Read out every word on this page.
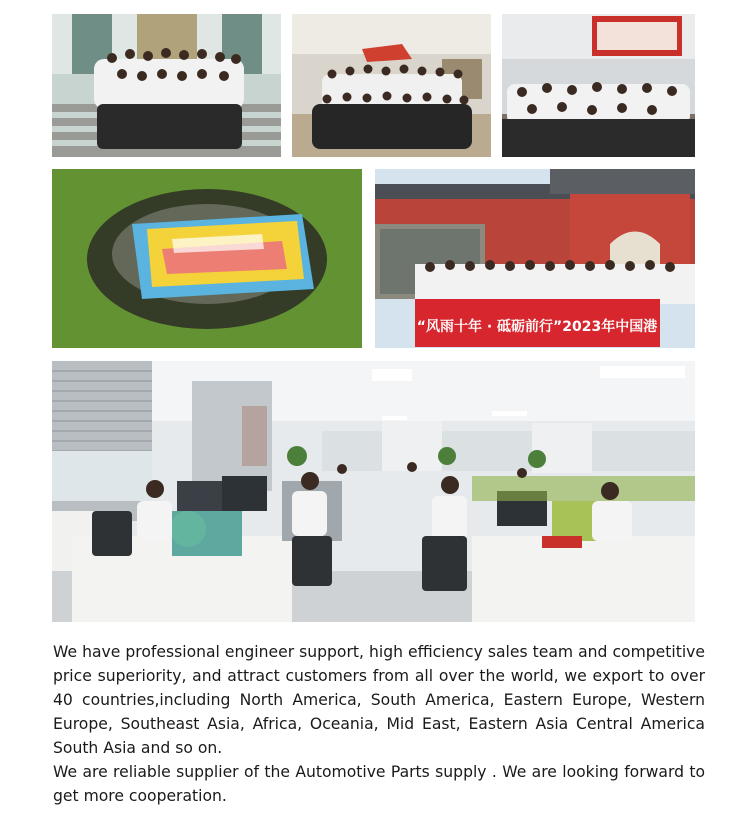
“风雨十年 · 砥砺前行”2023年中国港

We have professional engineer support, high efficiency sales team and competitive price superiority, and attract customers from all over the world, we export to over 40 countries,including North America, South America, Eastern Europe, Western Europe, Southeast Asia, Africa, Oceania, Mid East, Eastern Asia Central America South Asia and so on.

We are reliable supplier of the Automotive Parts supply . We are looking forward to get more cooperation.
